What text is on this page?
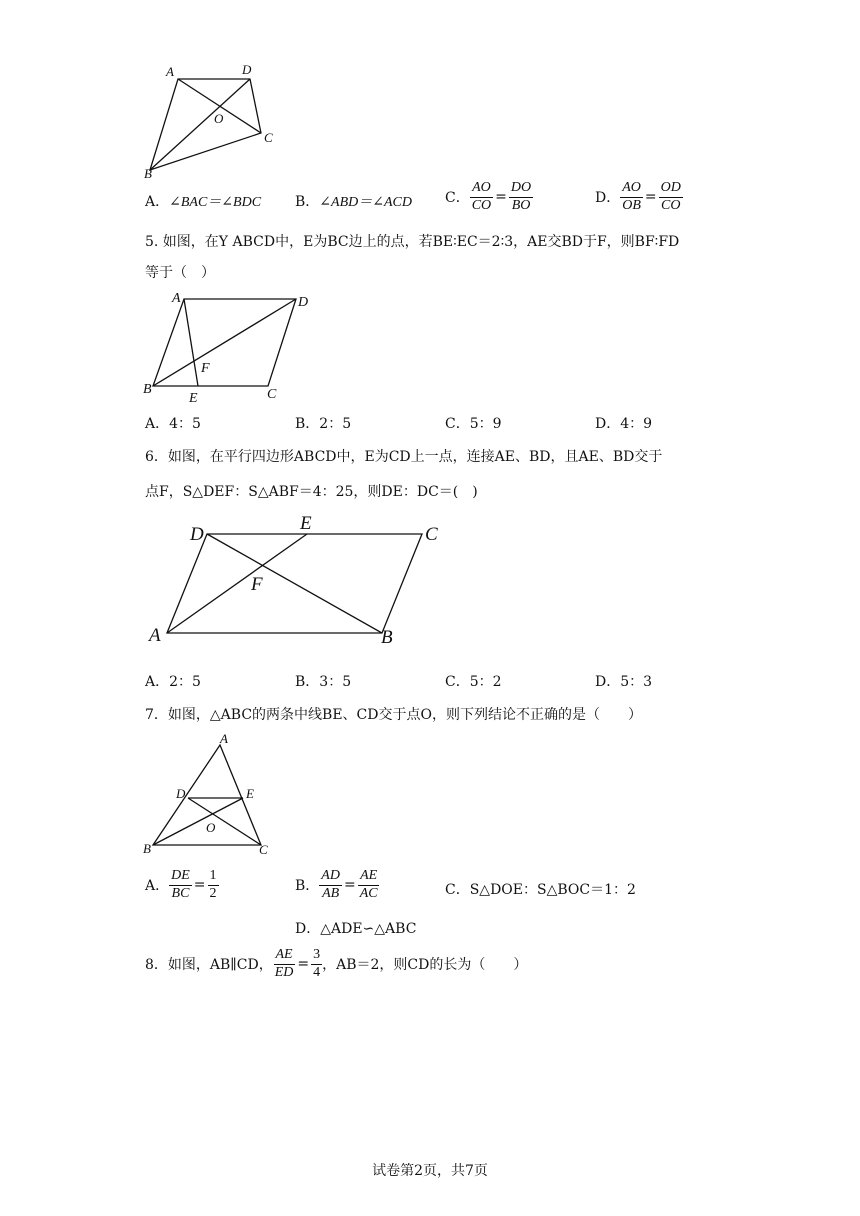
A	D
O
C
B
A． ∠BAC＝∠BDC B． ∠ABD＝∠ACD C． $\frac{AO}{CO} = \frac{DO}{BO}$	D． $\frac{AO}{OB} = \frac{OD}{CO}$
5. 如图，在Y ABCD中，E为BC边上的点，若BE∶EC＝2∶3，AE交BD于F，则BF∶FD
等于（　）
A	D
F
B
E	C
A．4：5	B．2：5	C．5：9	D．4：9
6．如图，在平行四边形ABCD中，E为CD上一点，连接AE、BD，且AE、BD交于
点F，S△DEF：S△ABF＝4：25，则DE：DC＝(　)
D
E
C
F
A	B
A．2：5	B．3：5	C．5：2	D．5：3
7．如图，△ABC的两条中线BE、CD交于点O，则下列结论不正确的是（　　）
A
D	E
O
B	C
A． $\frac{DE}{BC} = \frac{1}{2}$	B． $\frac{AD}{AB} = \frac{AE}{AC}$	C．S△DOE：S△BOC＝1：2
D．△ADE∽△ABC
8．如图，AB∥CD， $\frac{AE}{ED} = \frac{3}{4}$ ，AB＝2，则CD的长为（　　）
试卷第2页，共7页
